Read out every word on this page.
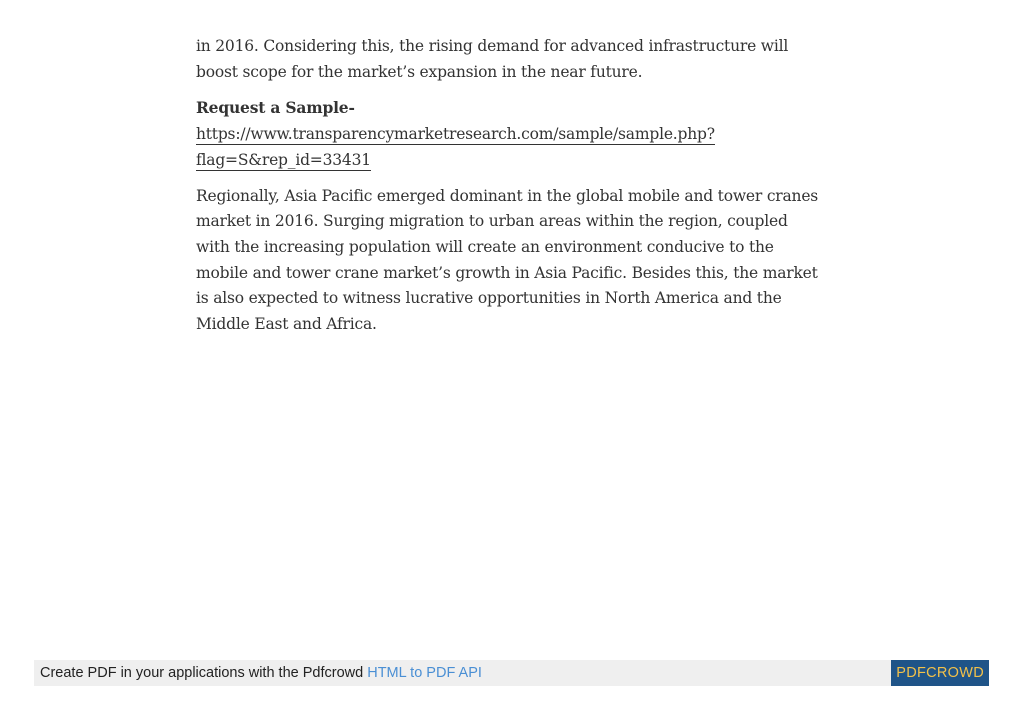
in 2016. Considering this, the rising demand for advanced infrastructure will boost scope for the market’s expansion in the near future.

Request a Sample-
https://www.transparencymarketresearch.com/sample/sample.php?
flag=S&rep_id=33431

Regionally, Asia Pacific emerged dominant in the global mobile and tower cranes market in 2016. Surging migration to urban areas within the region, coupled with the increasing population will create an environment conducive to the mobile and tower crane market’s growth in Asia Pacific. Besides this, the market is also expected to witness lucrative opportunities in North America and the Middle East and Africa.

Create PDF in your applications with the Pdfcrowd HTML to PDF API	PDFCROWD
